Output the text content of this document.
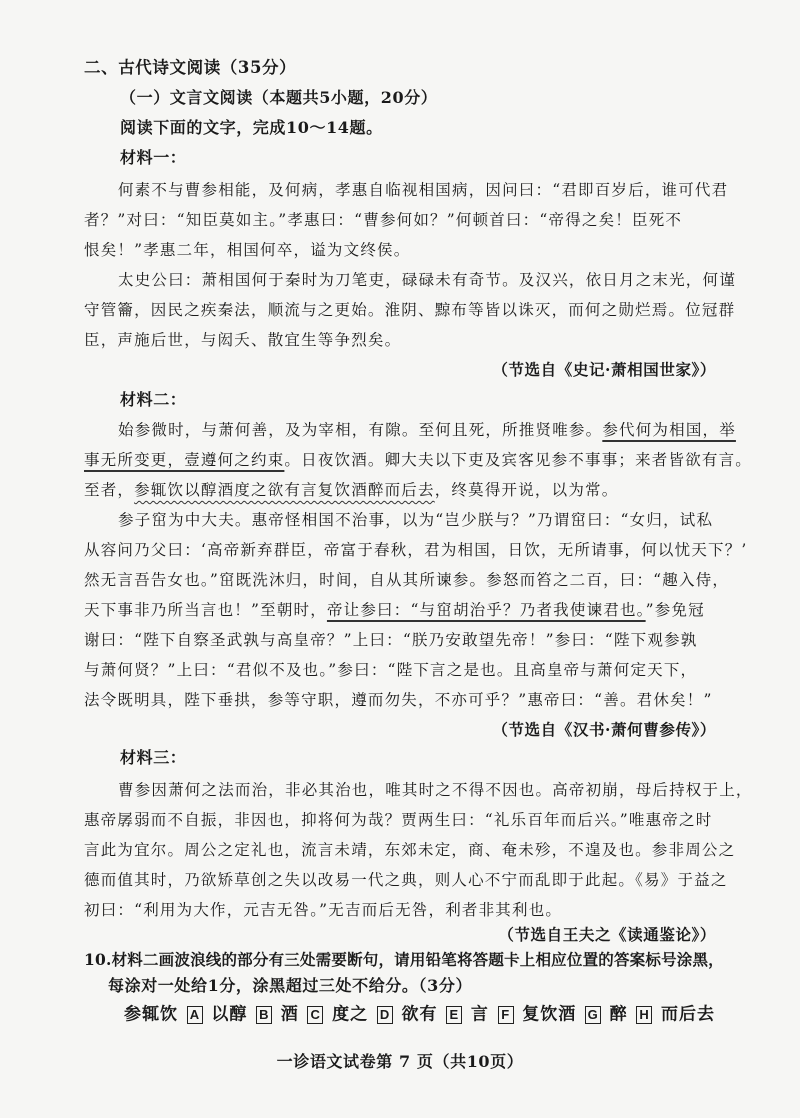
二、古代诗文阅读（35分）
（一）文言文阅读（本题共5小题，20分）
阅读下面的文字，完成10～14题。
材料一：
何素不与曹参相能，及何病，孝惠自临视相国病，因问曰：“君即百岁后，谁可代君
者？”对曰：“知臣莫如主。”孝惠曰：“曹参何如？”何顿首曰：“帝得之矣！臣死不
恨矣！”孝惠二年，相国何卒，谥为文终侯。
太史公曰：萧相国何于秦时为刀笔吏，碌碌未有奇节。及汉兴，依日月之末光，何谨
守管籥，因民之疾秦法，顺流与之更始。淮阴、黥布等皆以诛灭，而何之勋烂焉。位冠群
臣，声施后世，与闳夭、散宜生等争烈矣。
（节选自《史记·萧相国世家》）
材料二：
始参微时，与萧何善，及为宰相，有隙。至何且死，所推贤唯参。参代何为相国，举
事无所变更，壹遵何之约束。日夜饮酒。卿大夫以下吏及宾客见参不事事；来者皆欲有言。
至者，参辄饮以醇酒度之欲有言复饮酒醉而后去，终莫得开说，以为常。
参子窋为中大夫。惠帝怪相国不治事，以为“岂少朕与？”乃谓窋曰：“女归，试私
从容问乃父曰：‘高帝新弃群臣，帝富于春秋，君为相国，日饮，无所请事，何以忧天下？’
然无言吾告女也。”窋既洗沐归，时间，自从其所谏参。参怒而笞之二百，曰：“趣入侍，
天下事非乃所当言也！”至朝时，帝让参曰：“与窋胡治乎？乃者我使谏君也。”参免冠
谢曰：“陛下自察圣武孰与高皇帝？”上曰：“朕乃安敢望先帝！”参曰：“陛下观参孰
与萧何贤？”上曰：“君似不及也。”参曰：“陛下言之是也。且高皇帝与萧何定天下，
法令既明具，陛下垂拱，参等守职，遵而勿失，不亦可乎？”惠帝曰：“善。君休矣！”
（节选自《汉书·萧何曹参传》）
材料三：
曹参因萧何之法而治，非必其治也，唯其时之不得不因也。高帝初崩，母后持权于上，
惠帝孱弱而不自振，非因也，抑将何为哉？贾两生曰：“礼乐百年而后兴。”唯惠帝之时
言此为宜尔。周公之定礼也，流言未靖，东郊未定，商、奄未殄，不遑及也。参非周公之
德而值其时，乃欲矫草创之失以改易一代之典，则人心不宁而乱即于此起。《易》于益之
初曰：“利用为大作，元吉无咎。”无吉而后无咎，利者非其利也。
（节选自王夫之《读通鉴论》）
10.材料二画波浪线的部分有三处需要断句，请用铅笔将答题卡上相应位置的答案标号涂黑，
每涂对一处给1分，涂黑超过三处不给分。（3分）
参辄饮 A 以醇 B 酒 C 度之 D 欲有 E 言 F 复饮酒 G 醉 H 而后去
一诊语文试卷第 7 页（共10页）
